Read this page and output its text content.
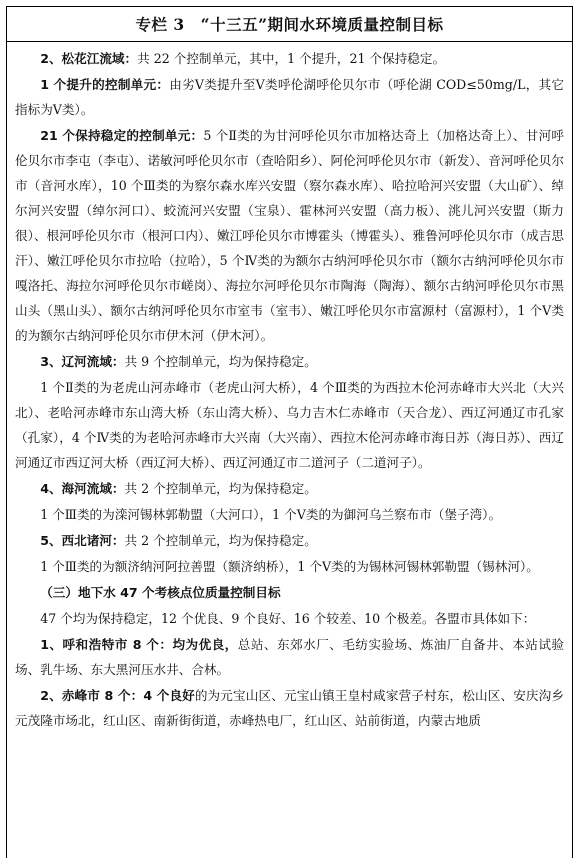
专栏 3　“十三五”期间水环境质量控制目标

2、松花江流域：共 22 个控制单元，其中，1 个提升，21 个保持稳定。

1 个提升的控制单元：由劣Ⅴ类提升至Ⅴ类呼伦湖呼伦贝尔市（呼伦湖 COD≤50mg/L，其它指标为Ⅴ类）。

21 个保持稳定的控制单元：5 个Ⅱ类的为甘河呼伦贝尔市加格达奇上（加格达奇上）、甘河呼伦贝尔市李屯（李屯）、诺敏河呼伦贝尔市（查哈阳乡）、阿伦河呼伦贝尔市（新发）、音河呼伦贝尔市（音河水库），10 个Ⅲ类的为察尔森水库兴安盟（察尔森水库）、哈拉哈河兴安盟（大山矿）、绰尔河兴安盟（绰尔河口）、蛟流河兴安盟（宝泉）、霍林河兴安盟（高力板）、洮儿河兴安盟（斯力很）、根河呼伦贝尔市（根河口内）、嫩江呼伦贝尔市博霍头（博霍头）、雅鲁河呼伦贝尔市（成吉思汗）、嫩江呼伦贝尔市拉哈（拉哈），5 个Ⅳ类的为额尔古纳河呼伦贝尔市（额尔古纳河呼伦贝尔市嘎洛托、海拉尔河呼伦贝尔市嵯岗）、海拉尔河呼伦贝尔市陶海（陶海）、额尔古纳河呼伦贝尔市黑山头（黑山头）、额尔古纳河呼伦贝尔市室韦（室韦）、嫩江呼伦贝尔市富源村（富源村），1 个Ⅴ类的为额尔古纳河呼伦贝尔市伊木河（伊木河）。

3、辽河流域：共 9 个控制单元，均为保持稳定。

1 个Ⅱ类的为老虎山河赤峰市（老虎山河大桥），4 个Ⅲ类的为西拉木伦河赤峰市大兴北（大兴北）、老哈河赤峰市东山湾大桥（东山湾大桥）、乌力吉木仁赤峰市（天合龙）、西辽河通辽市孔家（孔家），4 个Ⅳ类的为老哈河赤峰市大兴南（大兴南）、西拉木伦河赤峰市海日苏（海日苏）、西辽河通辽市西辽河大桥（西辽河大桥）、西辽河通辽市二道河子（二道河子）。

4、海河流域：共 2 个控制单元，均为保持稳定。

1 个Ⅲ类的为滦河锡林郭勒盟（大河口），1 个Ⅴ类的为御河乌兰察布市（堡子湾）。

5、西北诸河：共 2 个控制单元，均为保持稳定。

1 个Ⅲ类的为额济纳河阿拉善盟（额济纳桥），1 个Ⅴ类的为锡林河锡林郭勒盟（锡林河）。

（三）地下水 47 个考核点位质量控制目标

47 个均为保持稳定，12 个优良、9 个良好、16 个较差、10 个极差。各盟市具体如下：

1、呼和浩特市 8 个：均为优良，总站、东郊水厂、毛纺实验场、炼油厂自备井、本站试验场、乳牛场、东大黑河压水井、合林。

2、赤峰市 8 个：4 个良好的为元宝山区、元宝山镇王皇村咸家营子村东，松山区、安庆沟乡元茂隆市场北，红山区、南新街街道，赤峰热电厂，红山区、站前街道，内蒙古地质
